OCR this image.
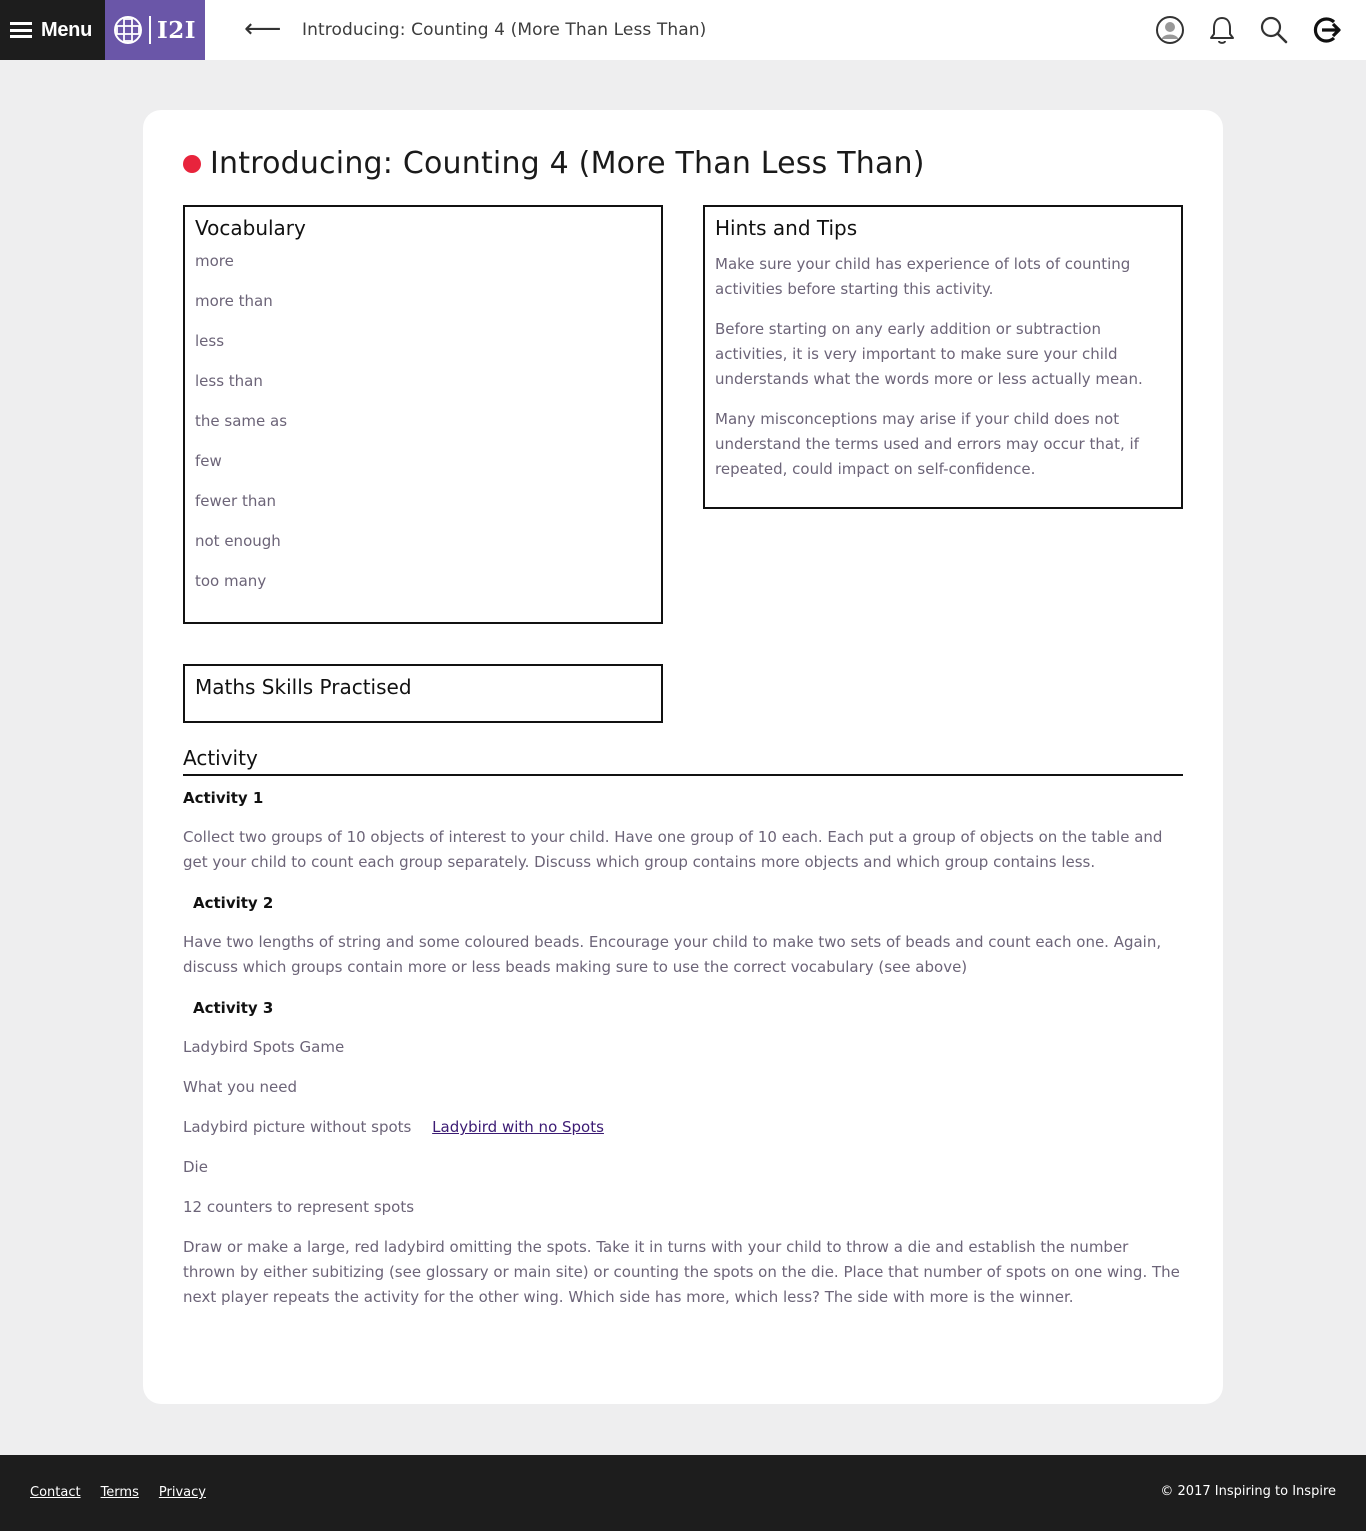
Menu	I2I ⟵ Introducing: Counting 4 (More Than Less Than)
Introducing: Counting 4 (More Than Less Than)
Vocabulary
more
more than
less
less than
the same as
few
fewer than
not enough
too many
Hints and Tips

Make sure your child has experience of lots of counting activities before starting this activity.

Before starting on any early addition or subtraction activities, it is very important to make sure your child understands what the words more or less actually mean.

Many misconceptions may arise if your child does not understand the terms used and errors may occur that, if repeated, could impact on self-confidence.

Maths Skills Practised
Activity
Activity 1
Collect two groups of 10 objects of interest to your child. Have one group of 10 each. Each put a group of objects on the table and get your child to count each group separately. Discuss which group contains more objects and which group contains less.
Activity 2
Have two lengths of string and some coloured beads. Encourage your child to make two sets of beads and count each one. Again, discuss which groups contain more or less beads making sure to use the correct vocabulary (see above)
Activity 3
Ladybird Spots Game
What you need
Ladybird picture without spots Ladybird with no Spots
Die
12 counters to represent spots
Draw or make a large, red ladybird omitting the spots. Take it in turns with your child to throw a die and establish the number thrown by either subitizing (see glossary or main site) or counting the spots on the die. Place that number of spots on one wing. The next player repeats the activity for the other wing. Which side has more, which less? The side with more is the winner.
Contact Terms Privacy	© 2017 Inspiring to Inspire
